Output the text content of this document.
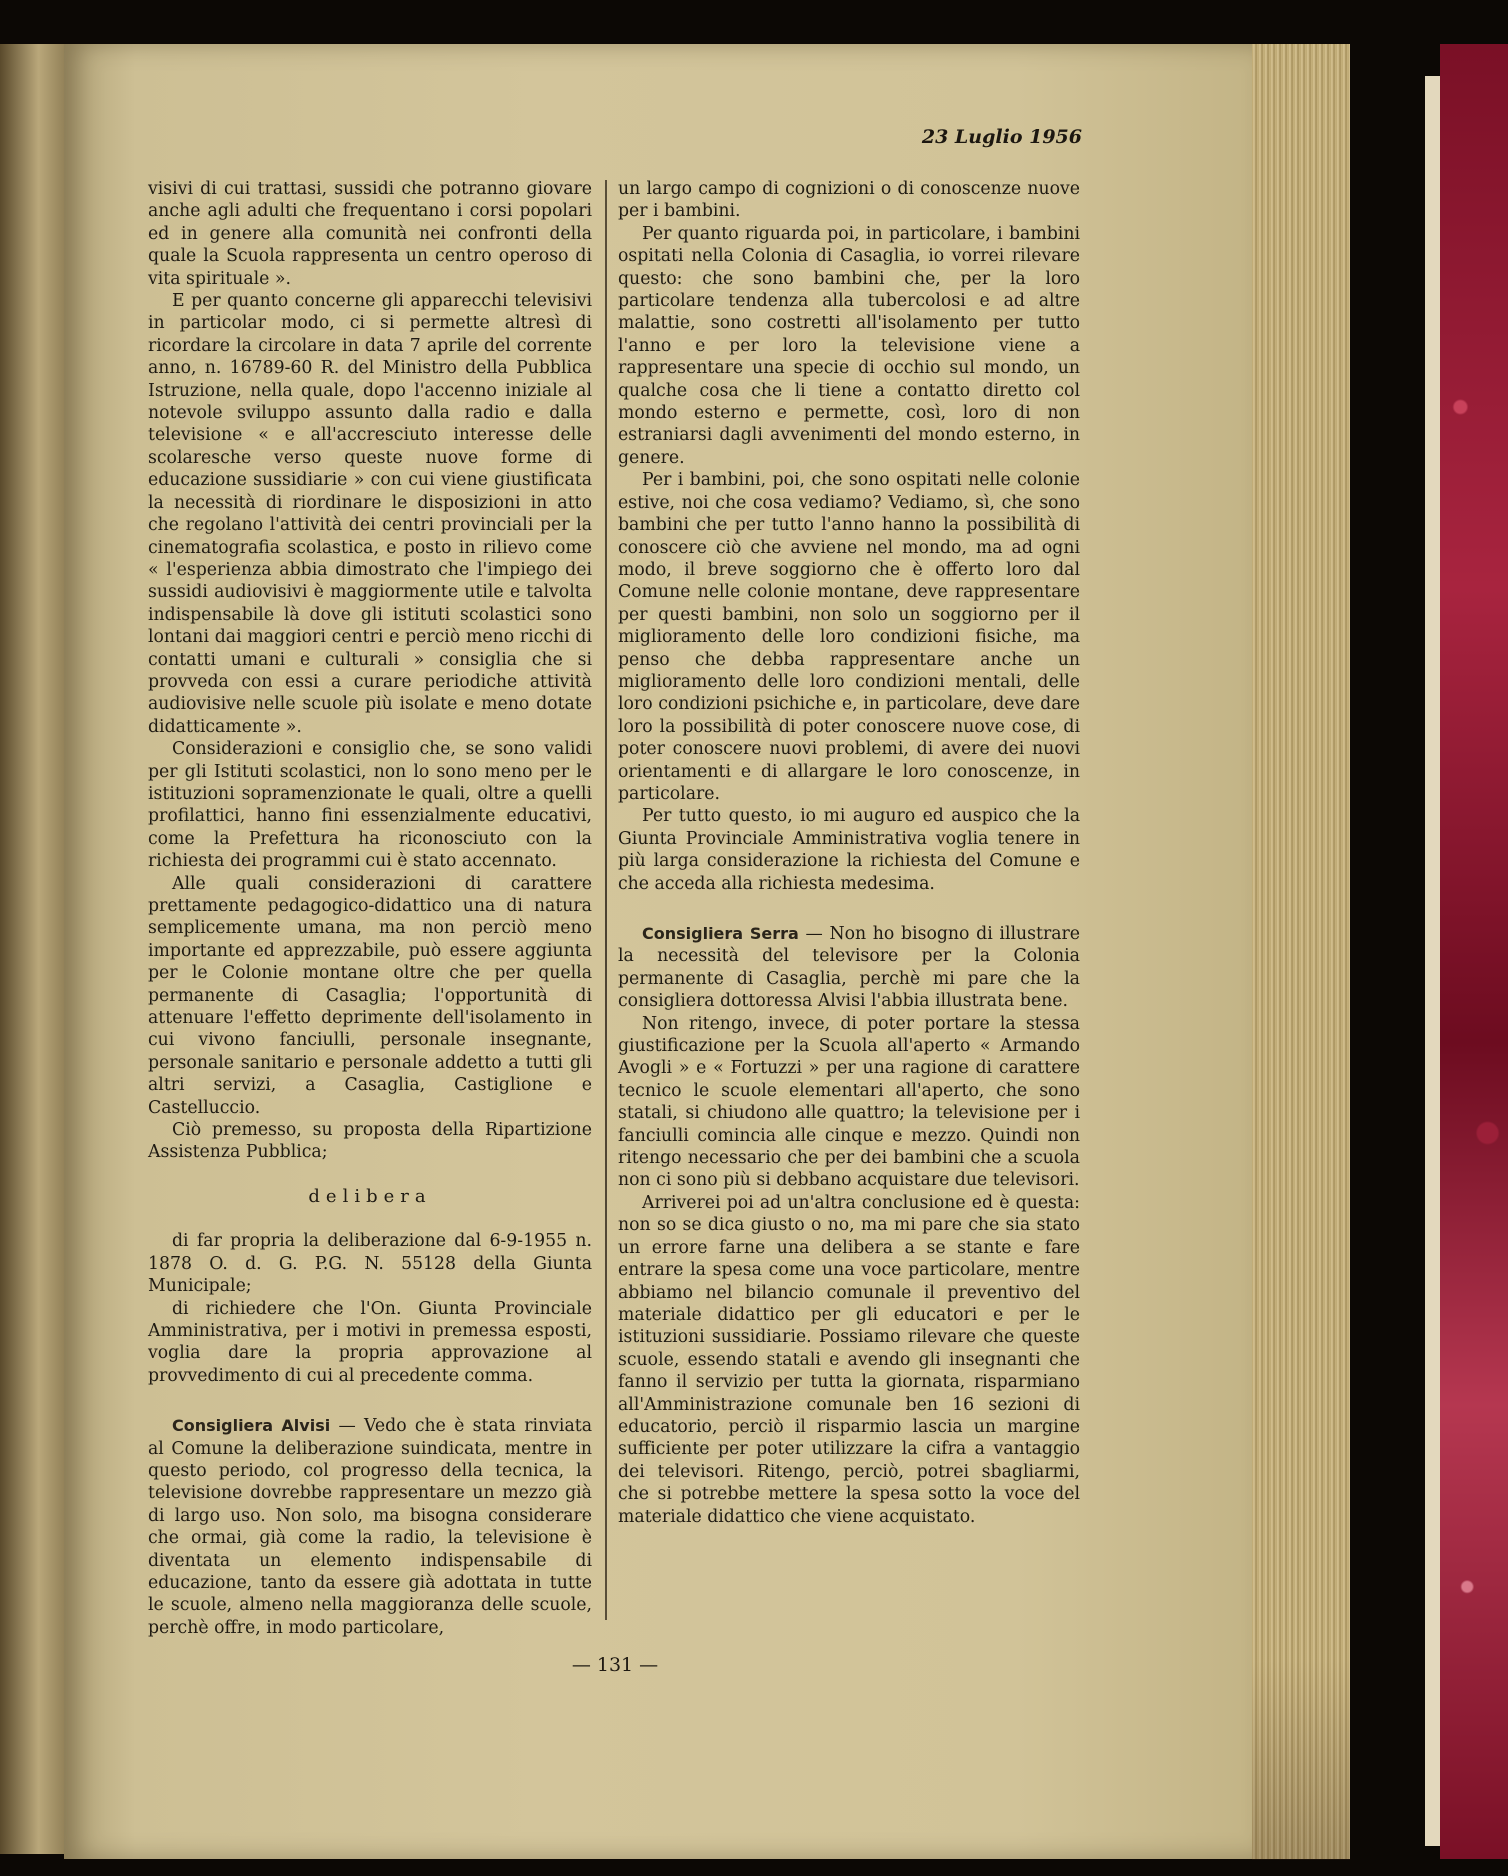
23 Luglio 1956

visivi di cui trattasi, sussidi che potranno giovare anche agli adulti che frequentano i corsi popolari ed in genere alla comunità nei confronti della quale la Scuola rappresenta un centro operoso di vita spirituale ».

E per quanto concerne gli apparecchi televisivi in particolar modo, ci si permette altresì di ricordare la circolare in data 7 aprile del corrente anno, n. 16789-60 R. del Ministro della Pubblica Istruzione, nella quale, dopo l'accenno iniziale al notevole sviluppo assunto dalla radio e dalla televisione « e all'accresciuto interesse delle scolaresche verso queste nuove forme di educazione sussidiarie » con cui viene giustificata la necessità di riordinare le disposizioni in atto che regolano l'attività dei centri provinciali per la cinematografia scolastica, e posto in rilievo come « l'esperienza abbia dimostrato che l'impiego dei sussidi audiovisivi è maggiormente utile e talvolta indispensabile là dove gli istituti scolastici sono lontani dai maggiori centri e perciò meno ricchi di contatti umani e culturali » consiglia che si provveda con essi a curare periodiche attività audiovisive nelle scuole più isolate e meno dotate didatticamente ».

Considerazioni e consiglio che, se sono validi per gli Istituti scolastici, non lo sono meno per le istituzioni sopramenzionate le quali, oltre a quelli profilattici, hanno fini essenzialmente educativi, come la Prefettura ha riconosciuto con la richiesta dei programmi cui è stato accennato.

Alle quali considerazioni di carattere prettamente pedagogico-didattico una di natura semplicemente umana, ma non perciò meno importante ed apprezzabile, può essere aggiunta per le Colonie montane oltre che per quella permanente di Casaglia; l'opportunità di attenuare l'effetto deprimente dell'isolamento in cui vivono fanciulli, personale insegnante, personale sanitario e personale addetto a tutti gli altri servizi, a Casaglia, Castiglione e Castelluccio.

Ciò premesso, su proposta della Ripartizione Assistenza Pubblica;

delibera

di far propria la deliberazione dal 6-9-1955 n. 1878 O. d. G. P.G. N. 55128 della Giunta Municipale;

di richiedere che l'On. Giunta Provinciale Amministrativa, per i motivi in premessa esposti, voglia dare la propria approvazione al provvedimento di cui al precedente comma.

Consigliera Alvisi — Vedo che è stata rinviata al Comune la deliberazione suindicata, mentre in questo periodo, col progresso della tecnica, la televisione dovrebbe rappresentare un mezzo già di largo uso. Non solo, ma bisogna considerare che ormai, già come la radio, la televisione è diventata un elemento indispensabile di educazione, tanto da essere già adottata in tutte le scuole, almeno nella maggioranza delle scuole, perchè offre, in modo particolare,

un largo campo di cognizioni o di conoscenze nuove per i bambini.

Per quanto riguarda poi, in particolare, i bambini ospitati nella Colonia di Casaglia, io vorrei rilevare questo: che sono bambini che, per la loro particolare tendenza alla tubercolosi e ad altre malattie, sono costretti all'isolamento per tutto l'anno e per loro la televisione viene a rappresentare una specie di occhio sul mondo, un qualche cosa che li tiene a contatto diretto col mondo esterno e permette, così, loro di non estraniarsi dagli avvenimenti del mondo esterno, in genere.

Per i bambini, poi, che sono ospitati nelle colonie estive, noi che cosa vediamo? Vediamo, sì, che sono bambini che per tutto l'anno hanno la possibilità di conoscere ciò che avviene nel mondo, ma ad ogni modo, il breve soggiorno che è offerto loro dal Comune nelle colonie montane, deve rappresentare per questi bambini, non solo un soggiorno per il miglioramento delle loro condizioni fisiche, ma penso che debba rappresentare anche un miglioramento delle loro condizioni mentali, delle loro condizioni psichiche e, in particolare, deve dare loro la possibilità di poter conoscere nuove cose, di poter conoscere nuovi problemi, di avere dei nuovi orientamenti e di allargare le loro conoscenze, in particolare.

Per tutto questo, io mi auguro ed auspico che la Giunta Provinciale Amministrativa voglia tenere in più larga considerazione la richiesta del Comune e che acceda alla richiesta medesima.

Consigliera Serra — Non ho bisogno di illustrare la necessità del televisore per la Colonia permanente di Casaglia, perchè mi pare che la consigliera dottoressa Alvisi l'abbia illustrata bene.

Non ritengo, invece, di poter portare la stessa giustificazione per la Scuola all'aperto « Armando Avogli » e « Fortuzzi » per una ragione di carattere tecnico le scuole elementari all'aperto, che sono statali, si chiudono alle quattro; la televisione per i fanciulli comincia alle cinque e mezzo. Quindi non ritengo necessario che per dei bambini che a scuola non ci sono più si debbano acquistare due televisori.

Arriverei poi ad un'altra conclusione ed è questa: non so se dica giusto o no, ma mi pare che sia stato un errore farne una delibera a se stante e fare entrare la spesa come una voce particolare, mentre abbiamo nel bilancio comunale il preventivo del materiale didattico per gli educatori e per le istituzioni sussidiarie. Possiamo rilevare che queste scuole, essendo statali e avendo gli insegnanti che fanno il servizio per tutta la giornata, risparmiano all'Amministrazione comunale ben 16 sezioni di educatorio, perciò il risparmio lascia un margine sufficiente per poter utilizzare la cifra a vantaggio dei televisori. Ritengo, perciò, potrei sbagliarmi, che si potrebbe mettere la spesa sotto la voce del materiale didattico che viene acquistato.

— 131 —
